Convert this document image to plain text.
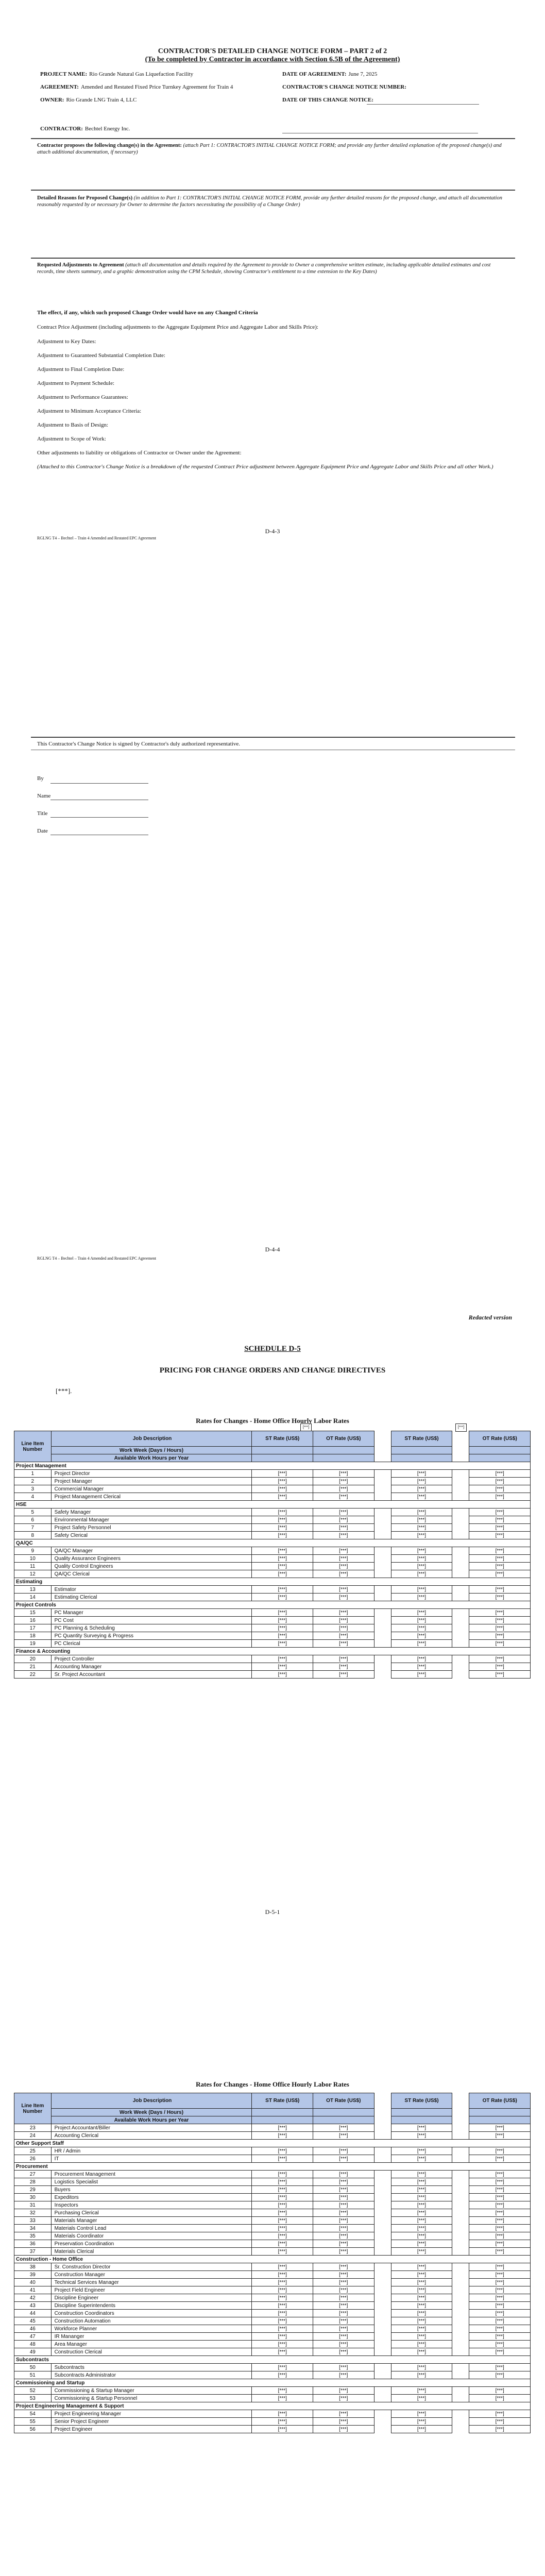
CONTRACTOR'S DETAILED CHANGE NOTICE FORM – PART 2 of 2
(To be completed by Contractor in accordance with Section 6.5B of the Agreement)
PROJECT NAME: Rio Grande Natural Gas Liquefaction Facility
AGREEMENT: Amended and Restated Fixed Price Turnkey Agreement for Train 4
OWNER: Rio Grande LNG Train 4, LLC
CONTRACTOR: Bechtel Energy Inc.
DATE OF AGREEMENT: June 7, 2025
CONTRACTOR'S CHANGE NOTICE NUMBER:
DATE OF THIS CHANGE NOTICE:
Contractor proposes the following change(s) in the Agreement: (attach Part 1: CONTRACTOR'S INITIAL CHANGE NOTICE FORM; and provide any further detailed explanation of the proposed change(s) and attach additional documentation, if necessary)
Detailed Reasons for Proposed Change(s) (in addition to Part 1: CONTRACTOR'S INITIAL CHANGE NOTICE FORM, provide any further detailed reasons for the proposed change, and attach all documentation reasonably requested by or necessary for Owner to determine the factors necessitating the possibility of a Change Order)
Requested Adjustments to Agreement (attach all documentation and details required by the Agreement to provide to Owner a comprehensive written estimate, including applicable detailed estimates and cost records, time sheets summary, and a graphic demonstration using the CPM Schedule, showing Contractor's entitlement to a time extension to the Key Dates)
The effect, if any, which such proposed Change Order would have on any Changed Criteria
Contract Price Adjustment (including adjustments to the Aggregate Equipment Price and Aggregate Labor and Skills Price):
Adjustment to Key Dates:
Adjustment to Guaranteed Substantial Completion Date:
Adjustment to Final Completion Date:
Adjustment to Payment Schedule:
Adjustment to Performance Guarantees:
Adjustment to Minimum Acceptance Criteria:
Adjustment to Basis of Design:
Adjustment to Scope of Work:
Other adjustments to liability or obligations of Contractor or Owner under the Agreement:
(Attached to this Contractor's Change Notice is a breakdown of the requested Contract Price adjustment between Aggregate Equipment Price and Aggregate Labor and Skills Price and all other Work.)
D-4-3
RGLNG T4 – Bechtel – Train 4 Amended and Restated EPC Agreement
This Contractor's Change Notice is signed by Contractor's duly authorized representative.
By
Name
Title
Date
D-4-4
RGLNG T4 – Bechtel – Train 4 Amended and Restated EPC Agreement
Redacted version
SCHEDULE D-5
PRICING FOR CHANGE ORDERS AND CHANGE DIRECTIVES
[***].
Rates for Changes - Home Office Hourly Labor Rates
[***]	[***]
Line Item Number	Job Description	ST Rate (US$)	OT Rate (US$)		ST Rate (US$)		OT Rate (US$)
	Work Week (Days / Hours)						
	Available Work Hours per Year						
Project Management							
1	Project Director	[***]	[***]		[***]		[***]
2	Project Manager	[***]	[***]		[***]		[***]
3	Commercial Manager	[***]	[***]		[***]		[***]
4	Project Management Clerical	[***]	[***]		[***]		[***]
HSE							
5	Safety Manager	[***]	[***]		[***]		[***]
6	Environmental Manager	[***]	[***]		[***]		[***]
7	Project Safety Personnel	[***]	[***]		[***]		[***]
8	Safety Clerical	[***]	[***]		[***]		[***]
QA/QC							
9	QA/QC Manager	[***]	[***]		[***]		[***]
10	Quality Assurance Engineers	[***]	[***]		[***]		[***]
11	Quality Control Engineers	[***]	[***]		[***]		[***]
12	QA/QC Clerical	[***]	[***]		[***]		[***]
Estimating							
13	Estimator	[***]	[***]		[***]		[***]
14	Estimating Clerical	[***]	[***]		[***]		[***]
Project Controls							
15	PC Manager	[***]	[***]		[***]		[***]
16	PC Cost	[***]	[***]		[***]		[***]
17	PC Planning & Scheduling	[***]	[***]		[***]		[***]
18	PC Quantity Surveying & Progress	[***]	[***]		[***]		[***]
19	PC Clerical	[***]	[***]		[***]		[***]
Finance & Accounting							
20	Project Controller	[***]	[***]		[***]		[***]
21	Accounting Manager	[***]	[***]		[***]		[***]
22	Sr. Project Accountant	[***]	[***]		[***]		[***]
D-5-1
Rates for Changes - Home Office Hourly Labor Rates
Line Item Number	Job Description	ST Rate (US$)	OT Rate (US$)		ST Rate (US$)		OT Rate (US$)
	Work Week (Days / Hours)						
	Available Work Hours per Year						
23	Project Accountant/Biller	[***]	[***]		[***]		[***]
24	Accounting Clerical	[***]	[***]		[***]		[***]
Other Support Staff							
25	HR / Admin	[***]	[***]		[***]		[***]
26	IT	[***]	[***]		[***]		[***]
Procurement							
27	Procurement Management	[***]	[***]		[***]		[***]
28	Logistics Specialist	[***]	[***]		[***]		[***]
29	Buyers	[***]	[***]		[***]		[***]
30	Expeditors	[***]	[***]		[***]		[***]
31	Inspectors	[***]	[***]		[***]		[***]
32	Purchasing Clerical	[***]	[***]		[***]		[***]
33	Materials Manager	[***]	[***]		[***]		[***]
34	Materials Control Lead	[***]	[***]		[***]		[***]
35	Materials Coordinator	[***]	[***]		[***]		[***]
36	Preservation Coordination	[***]	[***]		[***]		[***]
37	Materials Clerical	[***]	[***]		[***]		[***]
Construction - Home Office							
38	Sr. Construction Director	[***]	[***]		[***]		[***]
39	Construction Manager	[***]	[***]		[***]		[***]
40	Technical Services Manager	[***]	[***]		[***]		[***]
41	Project Field Engineer	[***]	[***]		[***]		[***]
42	Discipline Engineer	[***]	[***]		[***]		[***]
43	Discipline Superintendents	[***]	[***]		[***]		[***]
44	Construction Coordinators	[***]	[***]		[***]		[***]
45	Construction Automation	[***]	[***]		[***]		[***]
46	Workforce Planner	[***]	[***]		[***]		[***]
47	IR Mananger	[***]	[***]		[***]		[***]
48	Area Manager	[***]	[***]		[***]		[***]
49	Construction Clerical	[***]	[***]		[***]		[***]
Subcontracts							
50	Subcontracts	[***]	[***]		[***]		[***]
51	Subcontracts Administrator	[***]	[***]		[***]		[***]
Commissioning and Startup							
52	Commissioning & Startup Manager	[***]	[***]		[***]		[***]
53	Commissioning & Startup Personnel	[***]	[***]		[***]		[***]
Project Engineering Management & Support							
54	Project Engineering Manager	[***]	[***]		[***]		[***]
55	Senior Project Engineer	[***]	[***]		[***]		[***]
56	Project Engineer	[***]	[***]		[***]		[***]
